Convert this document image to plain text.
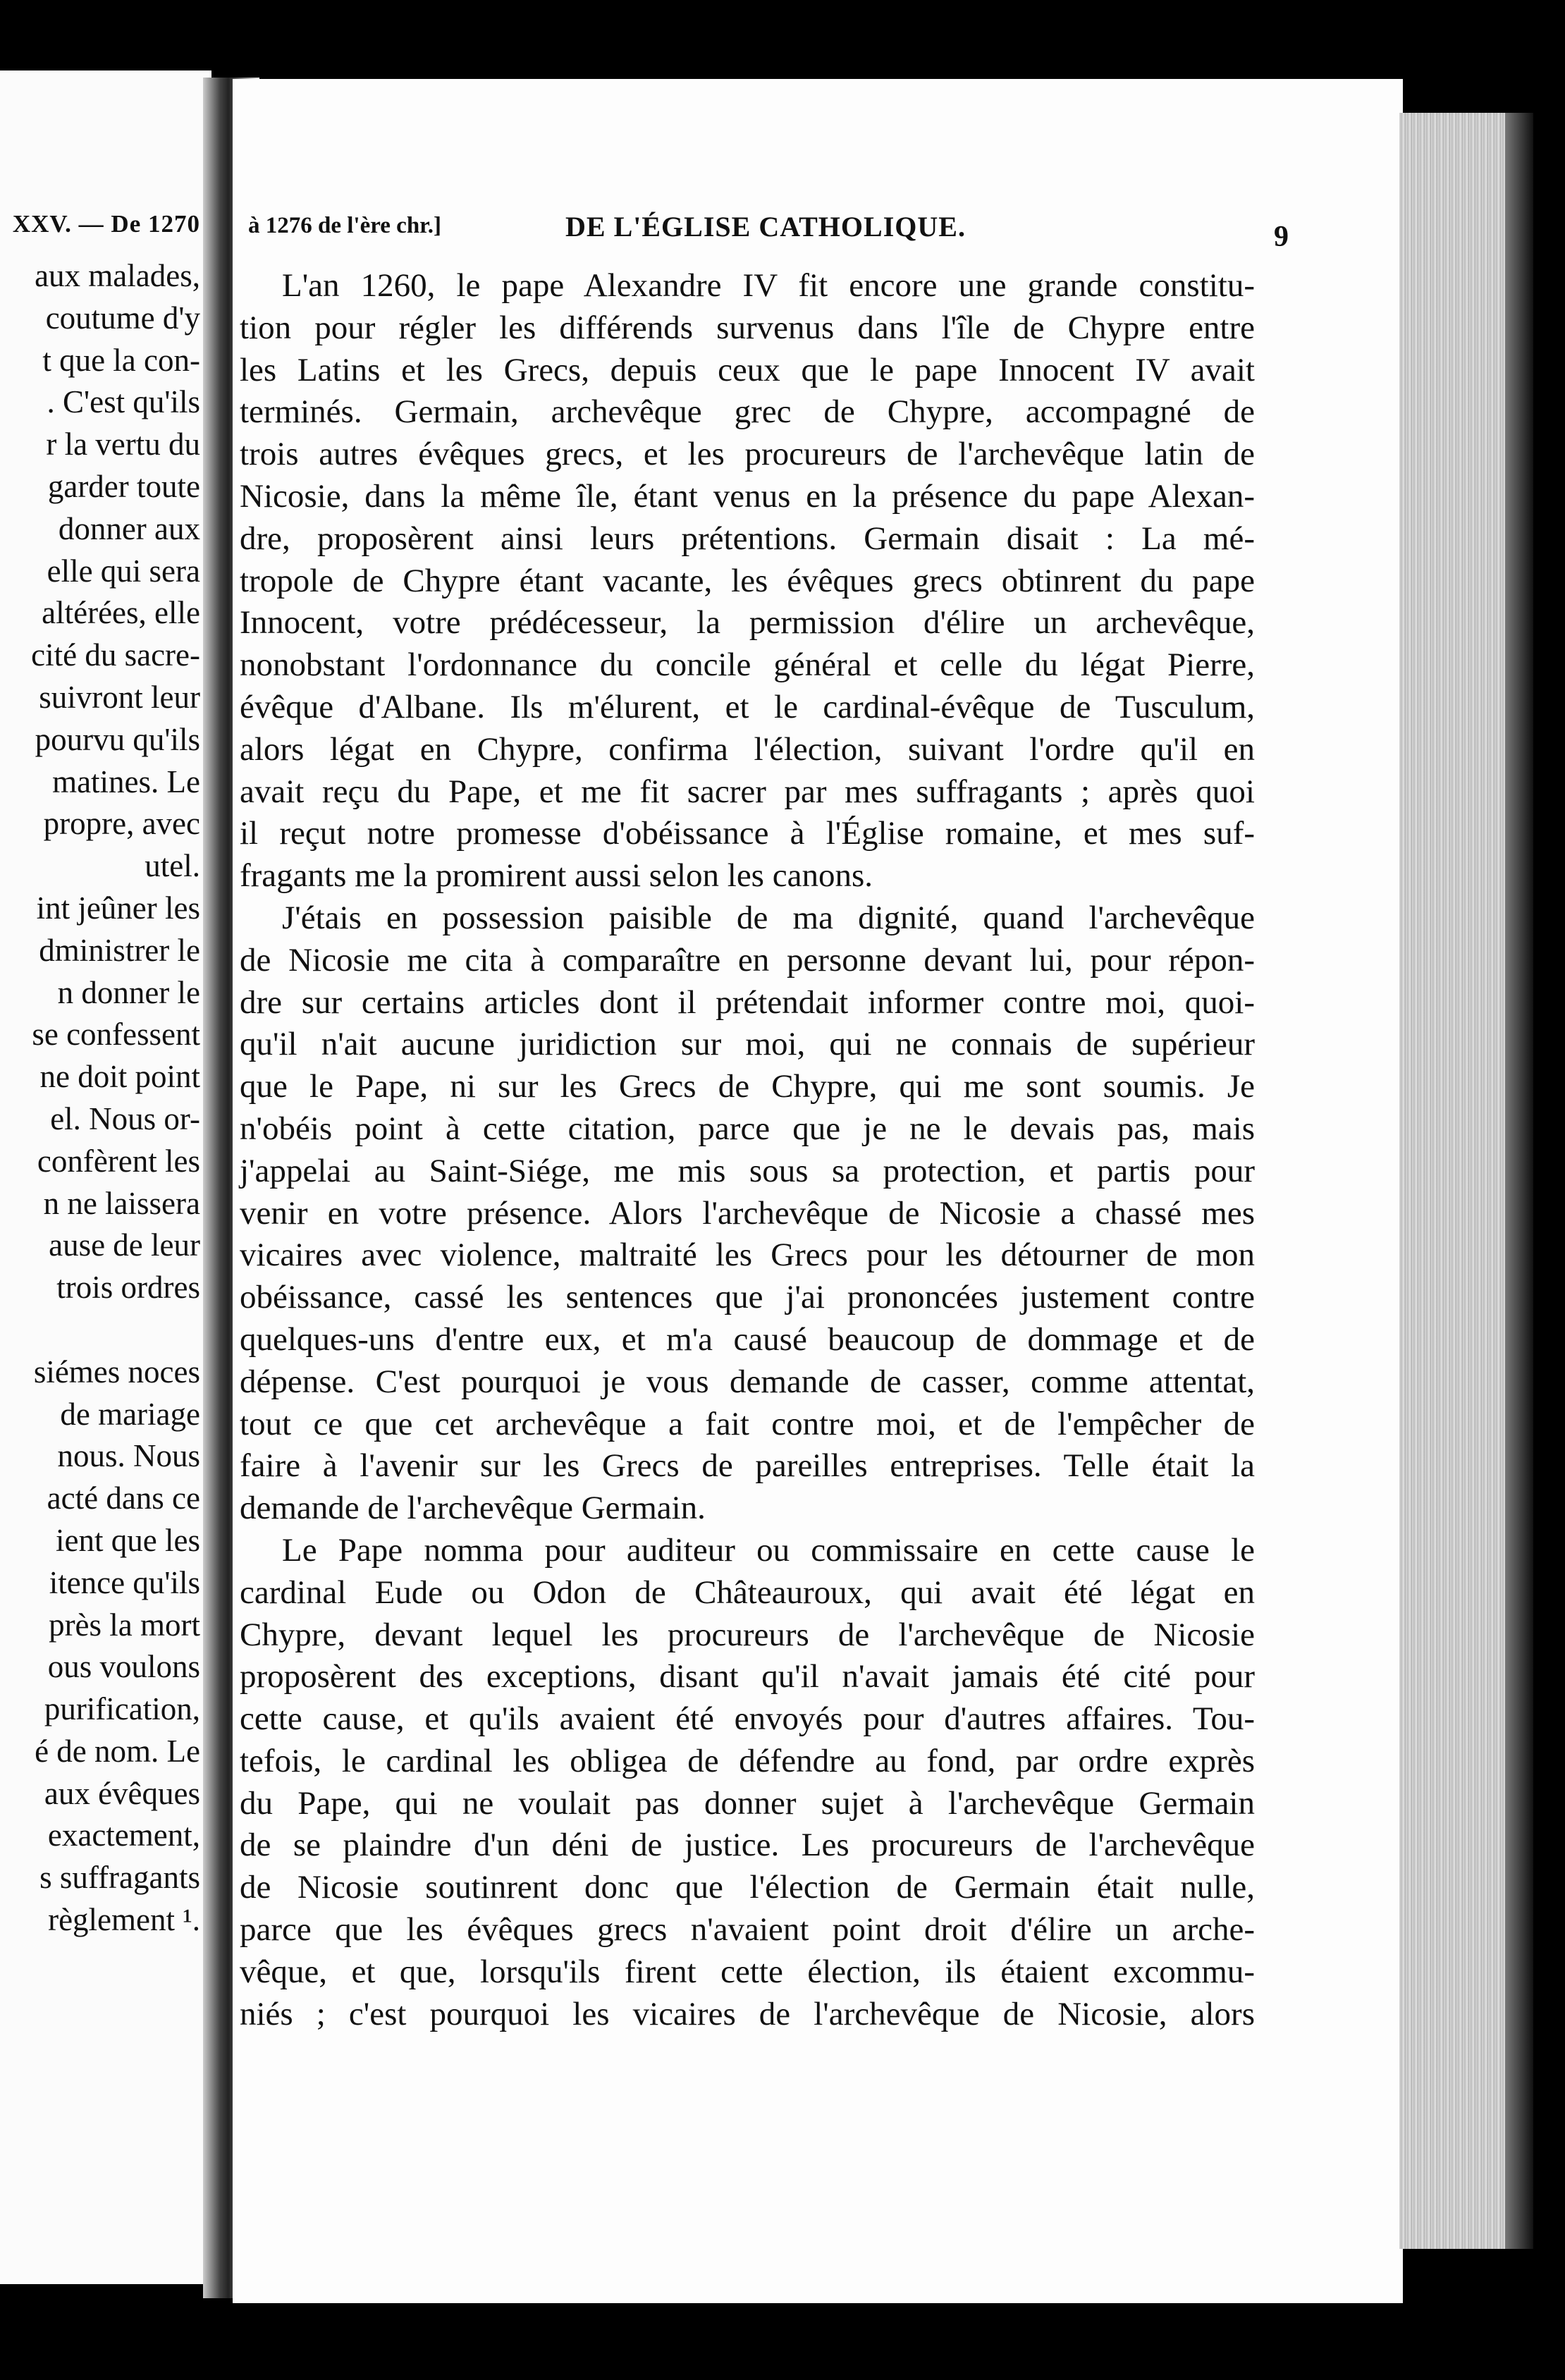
XXV. — De 1270
aux malades,
coutume d'y
t que la con-
. C'est qu'ils
r la vertu du
garder toute
donner aux
elle qui sera
altérées, elle
cité du sacre-
suivront leur
pourvu qu'ils
matines. Le
propre, avec
utel.
int jeûner les
dministrer le
n donner le
se confessent
ne doit point
el. Nous or-
confèrent les
n ne laissera
ause de leur
trois ordres
siémes noces
de mariage
nous. Nous
acté dans ce
ient que les
itence qu'ils
près la mort
ous voulons
purification,
é de nom. Le
aux évêques
exactement,
s suffragants
règlement ¹.
à 1276 de l'ère chr.]	DE L'ÉGLISE CATHOLIQUE.	9
L'an 1260, le pape Alexandre IV fit encore une grande constitu-
tion pour régler les différends survenus dans l'île de Chypre entre
les Latins et les Grecs, depuis ceux que le pape Innocent IV avait
terminés. Germain, archevêque grec de Chypre, accompagné de
trois autres évêques grecs, et les procureurs de l'archevêque latin de
Nicosie, dans la même île, étant venus en la présence du pape Alexan-
dre, proposèrent ainsi leurs prétentions. Germain disait : La mé-
tropole de Chypre étant vacante, les évêques grecs obtinrent du pape
Innocent, votre prédécesseur, la permission d'élire un archevêque,
nonobstant l'ordonnance du concile général et celle du légat Pierre,
évêque d'Albane. Ils m'élurent, et le cardinal-évêque de Tusculum,
alors légat en Chypre, confirma l'élection, suivant l'ordre qu'il en
avait reçu du Pape, et me fit sacrer par mes suffragants ; après quoi
il reçut notre promesse d'obéissance à l'Église romaine, et mes suf-
fragants me la promirent aussi selon les canons.
J'étais en possession paisible de ma dignité, quand l'archevêque
de Nicosie me cita à comparaître en personne devant lui, pour répon-
dre sur certains articles dont il prétendait informer contre moi, quoi-
qu'il n'ait aucune juridiction sur moi, qui ne connais de supérieur
que le Pape, ni sur les Grecs de Chypre, qui me sont soumis. Je
n'obéis point à cette citation, parce que je ne le devais pas, mais
j'appelai au Saint-Siége, me mis sous sa protection, et partis pour
venir en votre présence. Alors l'archevêque de Nicosie a chassé mes
vicaires avec violence, maltraité les Grecs pour les détourner de mon
obéissance, cassé les sentences que j'ai prononcées justement contre
quelques-uns d'entre eux, et m'a causé beaucoup de dommage et de
dépense. C'est pourquoi je vous demande de casser, comme attentat,
tout ce que cet archevêque a fait contre moi, et de l'empêcher de
faire à l'avenir sur les Grecs de pareilles entreprises. Telle était la
demande de l'archevêque Germain.
Le Pape nomma pour auditeur ou commissaire en cette cause le
cardinal Eude ou Odon de Châteauroux, qui avait été légat en
Chypre, devant lequel les procureurs de l'archevêque de Nicosie
proposèrent des exceptions, disant qu'il n'avait jamais été cité pour
cette cause, et qu'ils avaient été envoyés pour d'autres affaires. Tou-
tefois, le cardinal les obligea de défendre au fond, par ordre exprès
du Pape, qui ne voulait pas donner sujet à l'archevêque Germain
de se plaindre d'un déni de justice. Les procureurs de l'archevêque
de Nicosie soutinrent donc que l'élection de Germain était nulle,
parce que les évêques grecs n'avaient point droit d'élire un arche-
vêque, et que, lorsqu'ils firent cette élection, ils étaient excommu-
niés ; c'est pourquoi les vicaires de l'archevêque de Nicosie, alors
